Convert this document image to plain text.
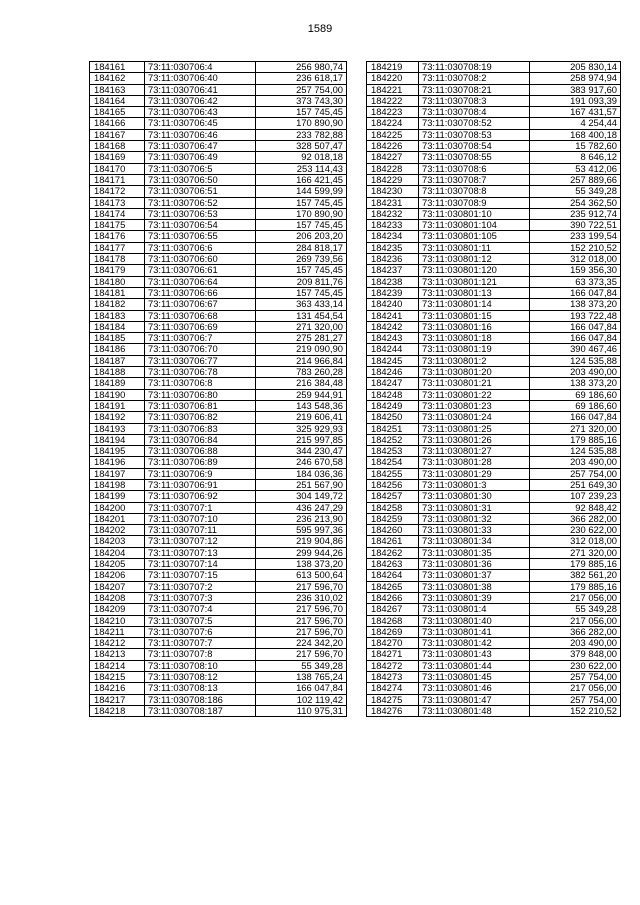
1589
184161	73:11:030706:4	256 980,74
184162	73:11:030706:40	236 618,17
184163	73:11:030706:41	257 754,00
184164	73:11:030706:42	373 743,30
184165	73:11:030706:43	157 745,45
184166	73:11:030706:45	170 890,90
184167	73:11:030706:46	233 782,88
184168	73:11:030706:47	328 507,47
184169	73:11:030706:49	92 018,18
184170	73:11:030706:5	253 114,43
184171	73:11:030706:50	166 421,45
184172	73:11:030706:51	144 599,99
184173	73:11:030706:52	157 745,45
184174	73:11:030706:53	170 890,90
184175	73:11:030706:54	157 745,45
184176	73:11:030706:55	206 203,20
184177	73:11:030706:6	284 818,17
184178	73:11:030706:60	269 739,56
184179	73:11:030706:61	157 745,45
184180	73:11:030706:64	209 811,76
184181	73:11:030706:66	157 745,45
184182	73:11:030706:67	363 433,14
184183	73:11:030706:68	131 454,54
184184	73:11:030706:69	271 320,00
184185	73:11:030706:7	275 281,27
184186	73:11:030706:70	219 090,90
184187	73:11:030706:77	214 966,84
184188	73:11:030706:78	783 260,28
184189	73:11:030706:8	216 384,48
184190	73:11:030706:80	259 944,91
184191	73:11:030706:81	143 548,36
184192	73:11:030706:82	219 606,41
184193	73:11:030706:83	325 929,93
184194	73:11:030706:84	215 997,85
184195	73:11:030706:88	344 230,47
184196	73:11:030706:89	246 670,58
184197	73:11:030706:9	184 036,36
184198	73:11:030706:91	251 567,90
184199	73:11:030706:92	304 149,72
184200	73:11:030707:1	436 247,29
184201	73:11:030707:10	236 213,90
184202	73:11:030707:11	595 997,36
184203	73:11:030707:12	219 904,86
184204	73:11:030707:13	299 944,26
184205	73:11:030707:14	138 373,20
184206	73:11:030707:15	613 500,64
184207	73:11:030707:2	217 596,70
184208	73:11:030707:3	236 310,02
184209	73:11:030707:4	217 596,70
184210	73:11:030707:5	217 596,70
184211	73:11:030707:6	217 596,70
184212	73:11:030707:7	224 342,20
184213	73:11:030707:8	217 596,70
184214	73:11:030708:10	55 349,28
184215	73:11:030708:12	138 765,24
184216	73:11:030708:13	166 047,84
184217	73:11:030708:186	102 119,42
184218	73:11:030708:187	110 975,31
184219	73:11:030708:19	205 830,14
184220	73:11:030708:2	258 974,94
184221	73:11:030708:21	383 917,60
184222	73:11:030708:3	191 093,39
184223	73:11:030708:4	167 431,57
184224	73:11:030708:52	4 254,44
184225	73:11:030708:53	168 400,18
184226	73:11:030708:54	15 782,60
184227	73:11:030708:55	8 646,12
184228	73:11:030708:6	53 412,06
184229	73:11:030708:7	257 889,66
184230	73:11:030708:8	55 349,28
184231	73:11:030708:9	254 362,50
184232	73:11:030801:10	235 912,74
184233	73:11:030801:104	390 722,51
184234	73:11:030801:105	233 199,54
184235	73:11:030801:11	152 210,52
184236	73:11:030801:12	312 018,00
184237	73:11:030801:120	159 356,30
184238	73:11:030801:121	63 373,35
184239	73:11:030801:13	166 047,84
184240	73:11:030801:14	138 373,20
184241	73:11:030801:15	193 722,48
184242	73:11:030801:16	166 047,84
184243	73:11:030801:18	166 047,84
184244	73:11:030801:19	390 467,46
184245	73:11:030801:2	124 535,88
184246	73:11:030801:20	203 490,00
184247	73:11:030801:21	138 373,20
184248	73:11:030801:22	69 186,60
184249	73:11:030801:23	69 186,60
184250	73:11:030801:24	166 047,84
184251	73:11:030801:25	271 320,00
184252	73:11:030801:26	179 885,16
184253	73:11:030801:27	124 535,88
184254	73:11:030801:28	203 490,00
184255	73:11:030801:29	257 754,00
184256	73:11:030801:3	251 649,30
184257	73:11:030801:30	107 239,23
184258	73:11:030801:31	92 848,42
184259	73:11:030801:32	366 282,00
184260	73:11:030801:33	230 622,00
184261	73:11:030801:34	312 018,00
184262	73:11:030801:35	271 320,00
184263	73:11:030801:36	179 885,16
184264	73:11:030801:37	382 561,20
184265	73:11:030801:38	179 885,16
184266	73:11:030801:39	217 056,00
184267	73:11:030801:4	55 349,28
184268	73:11:030801:40	217 056,00
184269	73:11:030801:41	366 282,00
184270	73:11:030801:42	203 490,00
184271	73:11:030801:43	379 848,00
184272	73:11:030801:44	230 622,00
184273	73:11:030801:45	257 754,00
184274	73:11:030801:46	217 056,00
184275	73:11:030801:47	257 754,00
184276	73:11:030801:48	152 210,52
